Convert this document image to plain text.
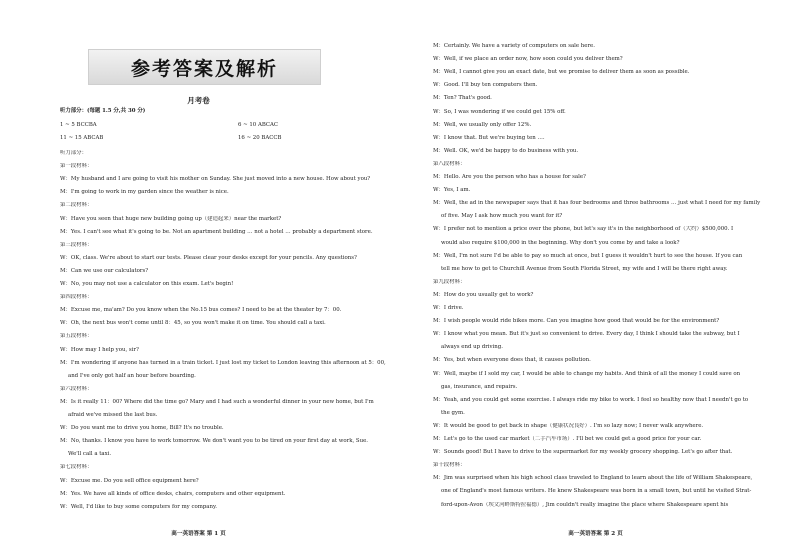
参考答案及解析
月考卷
听力部分：(每题 1.5 分,共 30 分)
1 ~ 5 BCCBA	6 ~ 10 ABCAC
11 ~ 15 ABCAB	16 ~ 20 BACCB
听力部分：
第一段材料：
W：My husband and I are going to visit his mother on Sunday. She just moved into a new house. How about you?
M：I'm going to work in my garden since the weather is nice.
第二段材料：
W：Have you seen that huge new building going up（建造起来）near the market?
M：Yes. I can't see what it's going to be. Not an apartment building … not a hotel … probably a department store.
第三段材料：
W：OK, class. We're about to start our tests. Please clear your desks except for your pencils. Any questions?
M：Can we use our calculators?
W：No, you may not use a calculator on this exam. Let's begin!
第四段材料：
M：Excuse me, ma'am? Do you know when the No.15 bus comes? I need to be at the theater by 7：00.
W：Oh, the next bus won't come until 8：45, so you won't make it on time. You should call a taxi.
第五段材料：
W：How may I help you, sir?
M：I'm wondering if anyone has turned in a train ticket. I just lost my ticket to London leaving this afternoon at 5：00,
and I've only got half an hour before boarding.
第六段材料：
M：Is it really 11：00? Where did the time go? Mary and I had such a wonderful dinner in your new home, but I'm
afraid we've missed the last bus.
W：Do you want me to drive you home, Bill? It's no trouble.
M：No, thanks. I know you have to work tomorrow. We don't want you to be tired on your first day at work, Sue.
We'll call a taxi.
第七段材料：
W：Excuse me. Do you sell office equipment here?
M：Yes. We have all kinds of office desks, chairs, computers and other equipment.
W：Well, I'd like to buy some computers for my company.
高一英语答案 第 1 页
M：Certainly. We have a variety of computers on sale here.
W：Well, if we place an order now, how soon could you deliver them?
M：Well, I cannot give you an exact date, but we promise to deliver them as soon as possible.
W：Good. I'll buy ten computers then.
M：Ten? That's good.
W：So, I was wondering if we could get 15% off.
M：Well, we usually only offer 12%.
W：I know that. But we're buying ten ….
M：Well. OK, we'd be happy to do business with you.
第八段材料：
M：Hello. Are you the person who has a house for sale?
W：Yes, I am.
M：Well, the ad in the newspaper says that it has four bedrooms and three bathrooms … just what I need for my family
of five. May I ask how much you want for it?
W：I prefer not to mention a price over the phone, but let's say it's in the neighborhood of（大约）$500,000. I
would also require $100,000 in the beginning. Why don't you come by and take a look?
M：Well, I'm not sure I'd be able to pay so much at once, but I guess it wouldn't hurt to see the house. If you can
tell me how to get to Churchill Avenue from South Florida Street, my wife and I will be there right away.
第九段材料：
M：How do you usually get to work?
W：I drive.
M：I wish people would ride bikes more. Can you imagine how good that would be for the environment?
W：I know what you mean. But it's just so convenient to drive. Every day, I think I should take the subway, but I
always end up driving.
M：Yes, but when everyone does that, it causes pollution.
W：Well, maybe if I sold my car, I would be able to change my habits. And think of all the money I could save on
gas, insurance, and repairs.
M：Yeah, and you could get some exercise. I always ride my bike to work. I feel so healthy now that I needn't go to
the gym.
W：It would be good to get back in shape（健康状况良好）. I'm so lazy now; I never walk anywhere.
M：Let's go to the used car market（二手汽车市场）. I'll bet we could get a good price for your car.
W：Sounds good! But I have to drive to the supermarket for my weekly grocery shopping. Let's go after that.
第十段材料：
M：Jim was surprised when his high school class traveled to England to learn about the life of William Shakespeare,
one of England's most famous writers. He knew Shakespeare was born in a small town, but until he visited Strat-
ford-upon-Avon（埃文河畔斯特拉福德）, Jim couldn't really imagine the place where Shakespeare spent his
高一英语答案 第 2 页
